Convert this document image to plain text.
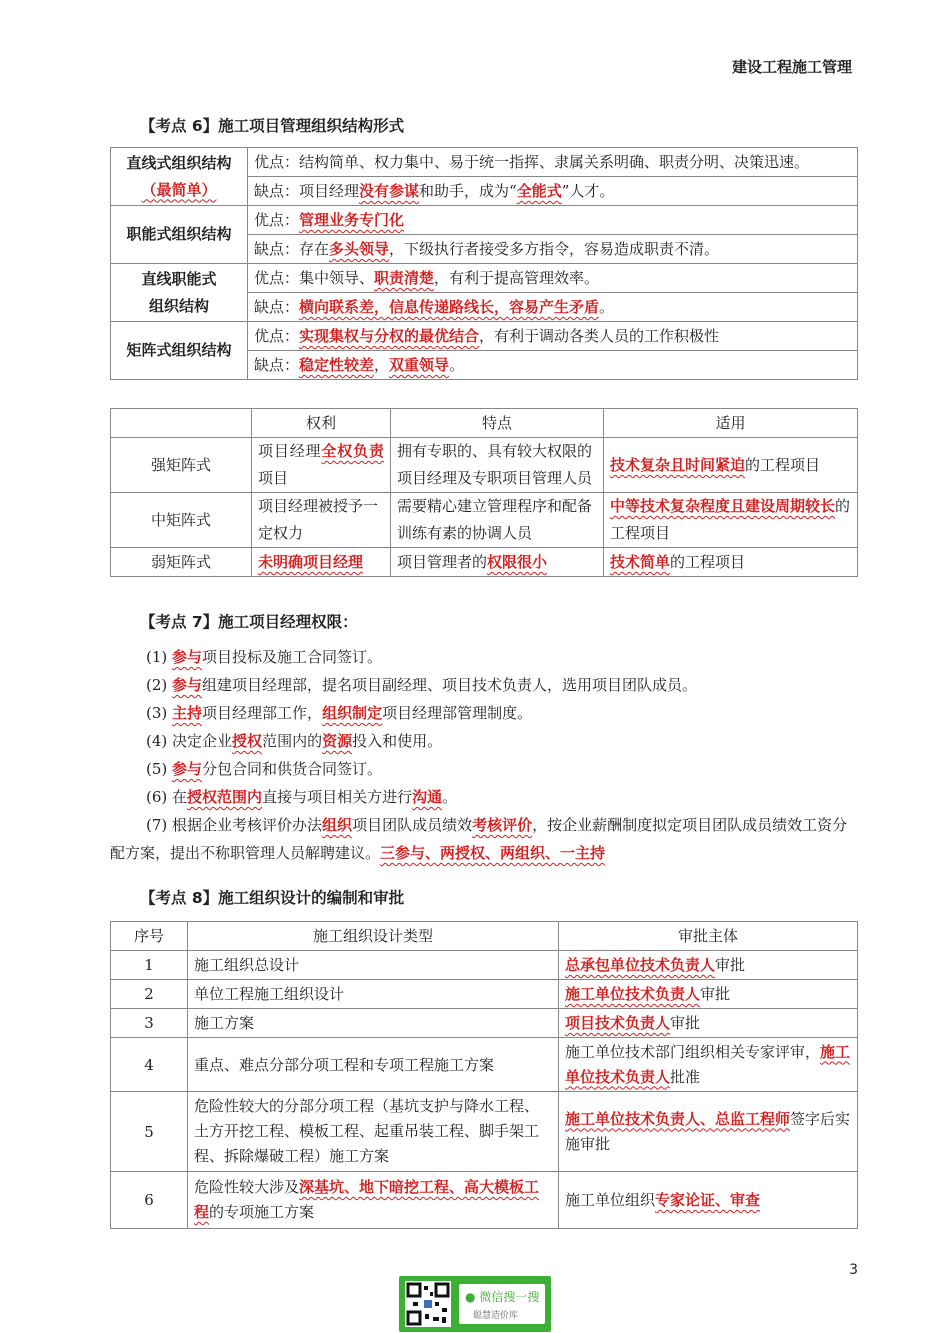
建设工程施工管理
【考点 6】施工项目管理组织结构形式
直线式组织结构
（最简单）	优点：结构简单、权力集中、易于统一指挥、隶属关系明确、职责分明、决策迅速。
	缺点：项目经理没有参谋和助手，成为“全能式”人才。

职能式组织结构	优点：管理业务专门化
	缺点：存在多头领导，下级执行者接受多方指令，容易造成职责不清。

直线职能式
组织结构	优点：集中领导、职责清楚，有利于提高管理效率。
	缺点：横向联系差，信息传递路线长，容易产生矛盾。

矩阵式组织结构	优点：实现集权与分权的最优结合，有利于调动各类人员的工作积极性
	缺点：稳定性较差，双重领导。
	权利	特点	适用
强矩阵式	项目经理全权负责项目	拥有专职的、具有较大权限的项目经理及专职项目管理人员	技术复杂且时间紧迫的工程项目
中矩阵式	项目经理被授予一定权力	需要精心建立管理程序和配备训练有素的协调人员	中等技术复杂程度且建设周期较长的工程项目
弱矩阵式	未明确项目经理	项目管理者的权限很小	技术简单的工程项目
【考点 7】施工项目经理权限：
(1) 参与项目投标及施工合同签订。
(2) 参与组建项目经理部，提名项目副经理、项目技术负责人，选用项目团队成员。
(3) 主持项目经理部工作，组织制定项目经理部管理制度。
(4) 决定企业授权范围内的资源投入和使用。
(5) 参与分包合同和供货合同签订。
(6) 在授权范围内直接与项目相关方进行沟通。
(7) 根据企业考核评价办法组织项目团队成员绩效考核评价，按企业薪酬制度拟定项目团队成员绩效工资分配方案，提出不称职管理人员解聘建议。三参与、两授权、两组织、一主持
【考点 8】施工组织设计的编制和审批
序号	施工组织设计类型	审批主体
1	施工组织总设计	总承包单位技术负责人审批
2	单位工程施工组织设计	施工单位技术负责人审批
3	施工方案	项目技术负责人审批
4	重点、难点分部分项工程和专项工程施工方案	施工单位技术部门组织相关专家评审，施工单位技术负责人批准
5	危险性较大的分部分项工程（基坑支护与降水工程、土方开挖工程、模板工程、起重吊装工程、脚手架工程、拆除爆破工程）施工方案	施工单位技术负责人、总监工程师签字后实施审批
6	危险性较大涉及深基坑、地下暗挖工程、高大模板工程的专项施工方案	施工单位组织专家论证、审查
3
● 微信搜一搜
聪慧造价库
